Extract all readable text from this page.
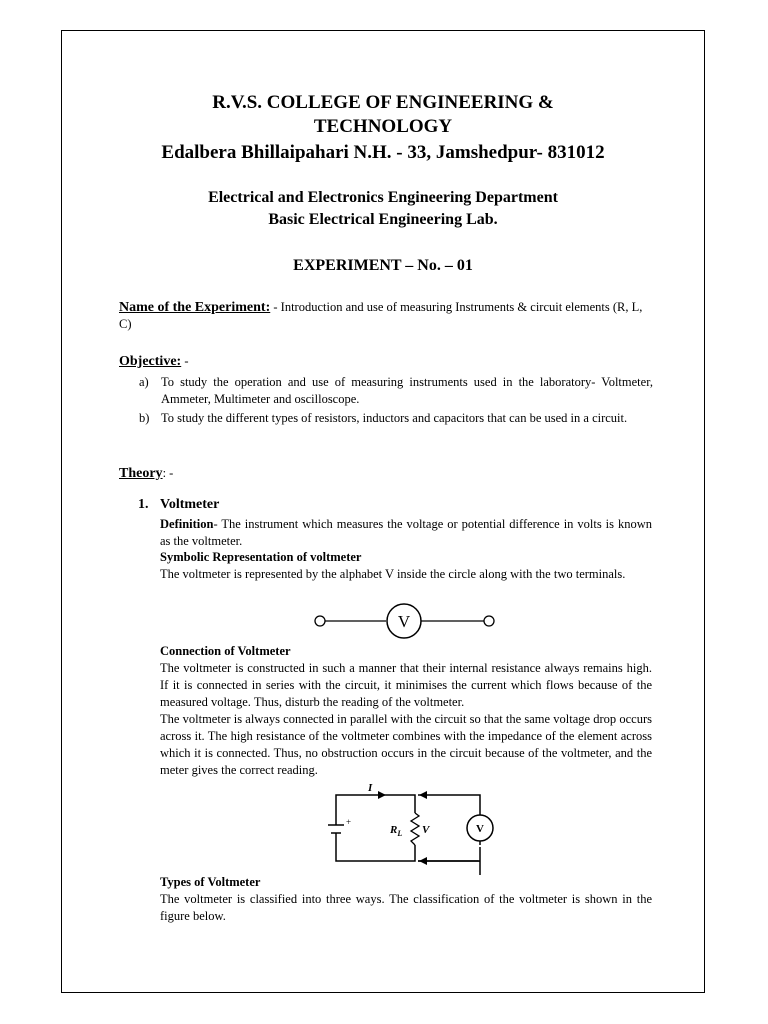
R.V.S. COLLEGE OF ENGINEERING &
TECHNOLOGY
Edalbera Bhillaipahari N.H. - 33, Jamshedpur- 831012
Electrical and Electronics Engineering Department
Basic Electrical Engineering Lab.
EXPERIMENT – No. – 01
Name of the Experiment: - Introduction and use of measuring Instruments & circuit elements (R, L, C)
Objective: -
a) To study the operation and use of measuring instruments used in the laboratory- Voltmeter, Ammeter, Multimeter and oscilloscope.
b) To study the different types of resistors, inductors and capacitors that can be used in a circuit.
Theory: -
1. Voltmeter
Definition- The instrument which measures the voltage or potential difference in volts is known as the voltmeter.
Symbolic Representation of voltmeter
The voltmeter is represented by the alphabet V inside the circle along with the two terminals.
V
Connection of Voltmeter
The voltmeter is constructed in such a manner that their internal resistance always remains high. If it is connected in series with the circuit, it minimises the current which flows because of the measured voltage. Thus, disturb the reading of the voltmeter.
The voltmeter is always connected in parallel with the circuit so that the same voltage drop occurs across it. The high resistance of the voltmeter combines with the impedance of the element across which it is connected. Thus, no obstruction occurs in the circuit because of the voltmeter, and the meter gives the correct reading.
+
I
$R_L$ V	V
Types of Voltmeter
The voltmeter is classified into three ways. The classification of the voltmeter is shown in the figure below.
